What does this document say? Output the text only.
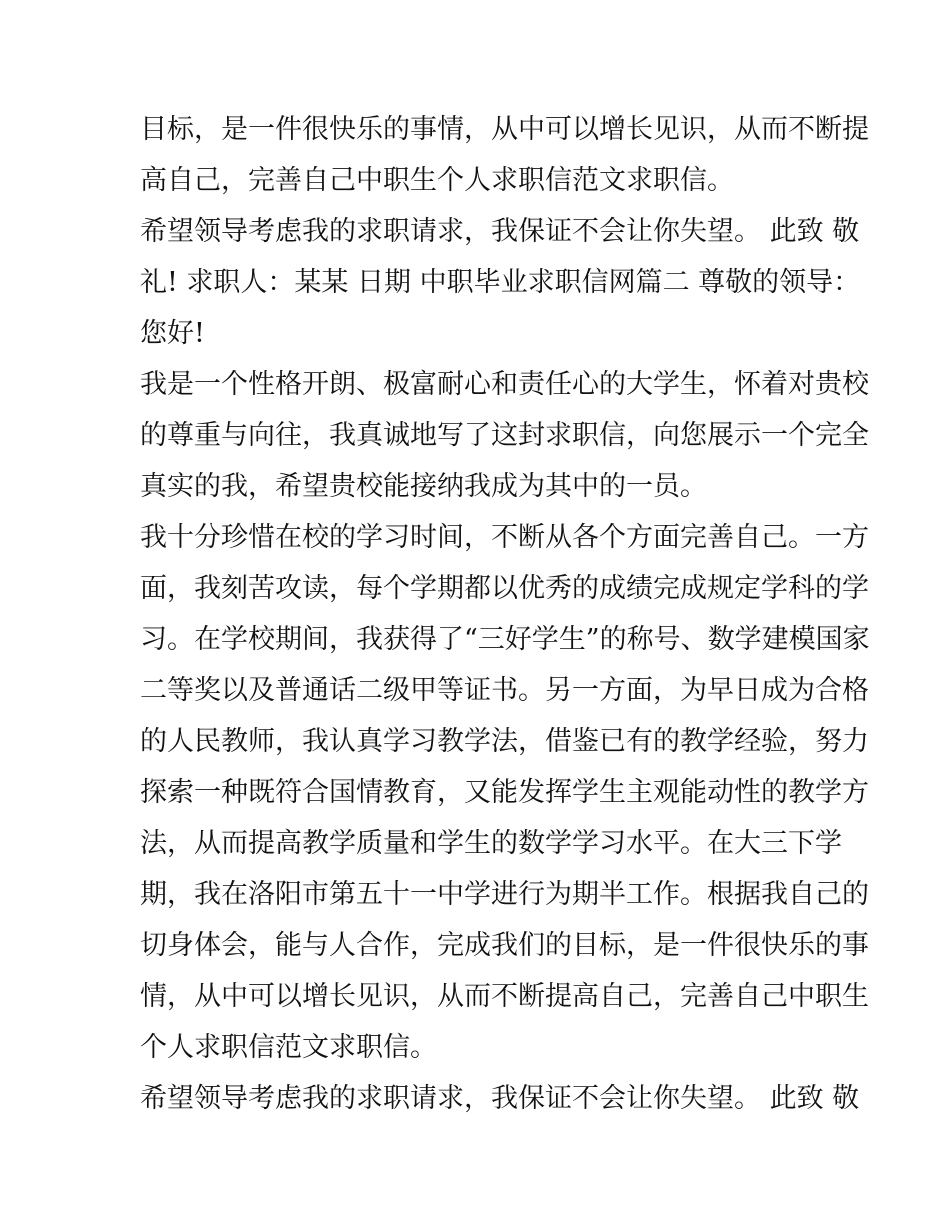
目标，是一件很快乐的事情，从中可以增长见识，从而不断提
高自己，完善自己中职生个人求职信范文求职信。
希望领导考虑我的求职请求，我保证不会让你失望。 此致 敬
礼! 求职人：某某 日期 中职毕业求职信网篇二 尊敬的领导：
您好!
我是一个性格开朗、极富耐心和责任心的大学生，怀着对贵校
的尊重与向往，我真诚地写了这封求职信，向您展示一个完全
真实的我，希望贵校能接纳我成为其中的一员。
我十分珍惜在校的学习时间，不断从各个方面完善自己。一方
面，我刻苦攻读，每个学期都以优秀的成绩完成规定学科的学
习。在学校期间，我获得了“三好学生”的称号、数学建模国家
二等奖以及普通话二级甲等证书。另一方面，为早日成为合格
的人民教师，我认真学习教学法，借鉴已有的教学经验，努力
探索一种既符合国情教育，又能发挥学生主观能动性的教学方
法，从而提高教学质量和学生的数学学习水平。在大三下学
期，我在洛阳市第五十一中学进行为期半工作。根据我自己的
切身体会，能与人合作，完成我们的目标，是一件很快乐的事
情，从中可以增长见识，从而不断提高自己，完善自己中职生
个人求职信范文求职信。
希望领导考虑我的求职请求，我保证不会让你失望。 此致 敬
